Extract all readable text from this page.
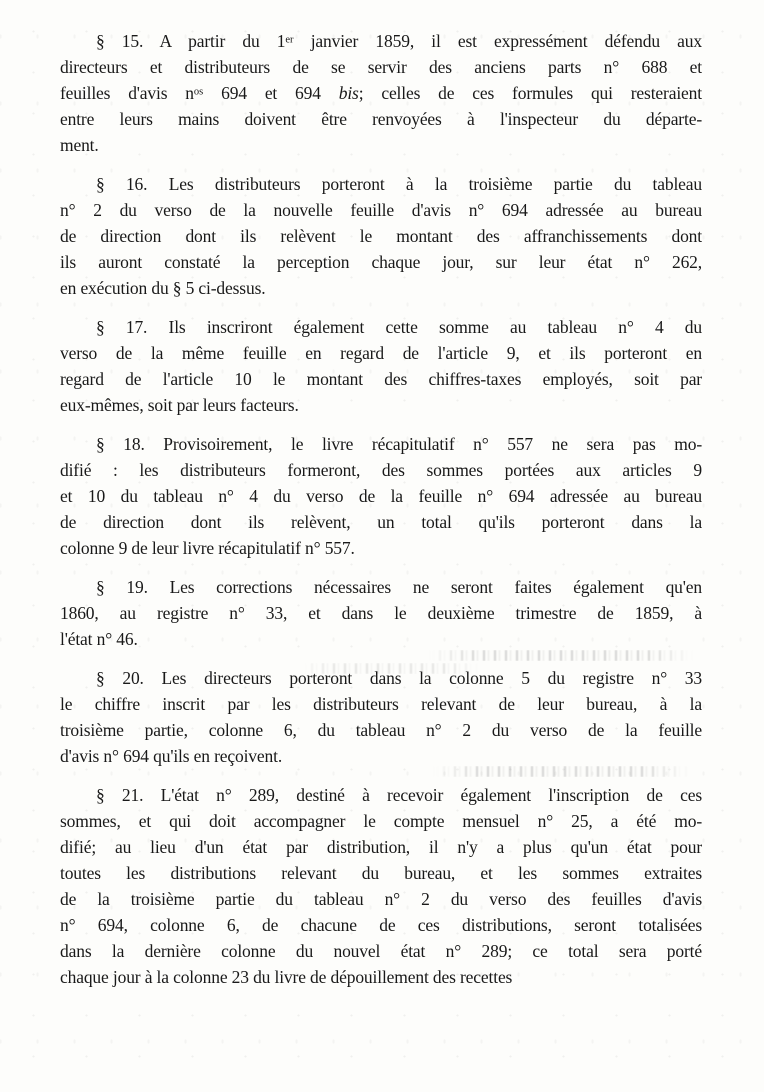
§ 15. A partir du 1er janvier 1859, il est expressément défendu aux
directeurs et distributeurs de se servir des anciens parts n° 688 et
feuilles d'avis $n^{os}$ 694 et 694 bis; celles de ces formules qui resteraient
entre leurs mains doivent être renvoyées à l'inspecteur du départe-
ment.
§ 16. Les distributeurs porteront à la troisième partie du tableau
n° 2 du verso de la nouvelle feuille d'avis n° 694 adressée au bureau
de direction dont ils relèvent le montant des affranchissements dont
ils auront constaté la perception chaque jour, sur leur état n° 262,
en exécution du § 5 ci-dessus.
§ 17. Ils inscriront également cette somme au tableau n° 4 du
verso de la même feuille en regard de l'article 9, et ils porteront en
regard de l'article 10 le montant des chiffres-taxes employés, soit par
eux-mêmes, soit par leurs facteurs.
§ 18. Provisoirement, le livre récapitulatif n° 557 ne sera pas mo-
difié : les distributeurs formeront, des sommes portées aux articles 9
et 10 du tableau n° 4 du verso de la feuille n° 694 adressée au bureau
de direction dont ils relèvent, un total qu'ils porteront dans la
colonne 9 de leur livre récapitulatif n° 557.
§ 19. Les corrections nécessaires ne seront faites également qu'en
1860, au registre n° 33, et dans le deuxième trimestre de 1859, à
l'état n° 46.
§ 20. Les directeurs porteront dans la colonne 5 du registre n° 33
le chiffre inscrit par les distributeurs relevant de leur bureau, à la
troisième partie, colonne 6, du tableau n° 2 du verso de la feuille
d'avis n° 694 qu'ils en reçoivent.
§ 21. L'état n° 289, destiné à recevoir également l'inscription de ces
sommes, et qui doit accompagner le compte mensuel n° 25, a été mo-
difié; au lieu d'un état par distribution, il n'y a plus qu'un état pour
toutes les distributions relevant du bureau, et les sommes extraites
de la troisième partie du tableau n° 2 du verso des feuilles d'avis
n° 694, colonne 6, de chacune de ces distributions, seront totalisées
dans la dernière colonne du nouvel état n° 289; ce total sera porté
chaque jour à la colonne 23 du livre de dépouillement des recettes
